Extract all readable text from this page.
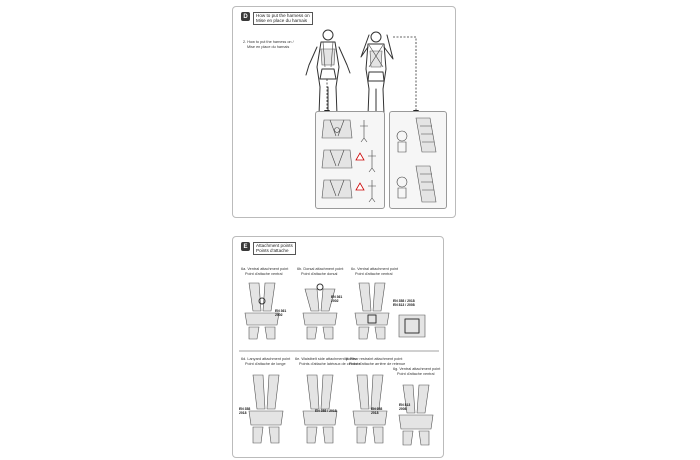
D	How to put the harness on
Mise en place du harnais
2. How to put the harness on /
Mise en place du harnais
E	Attachment points
Points d'attache
6a. Ventral attachment point
Point d'attache ventral
EN 361
2002
6b. Dorsal attachment point
Point d'attache dorsal
EN 361
2002
6c. Ventral attachment point
Point d'attache ventral
EN 358 / 2018
EN 813 / 2008
6d. Lanyard attachment point
Point d'attache de longe
EN 358
2018
6e. Waistbelt side attachment points
Points d'attache latéraux de ceinture
EN 358 / 2018
6f. Rear restraint attachment point
Point d'attache arrière de retenue
EN 358
2018
6g. Ventral attachment point
Point d'attache ventral
EN 813
2008
